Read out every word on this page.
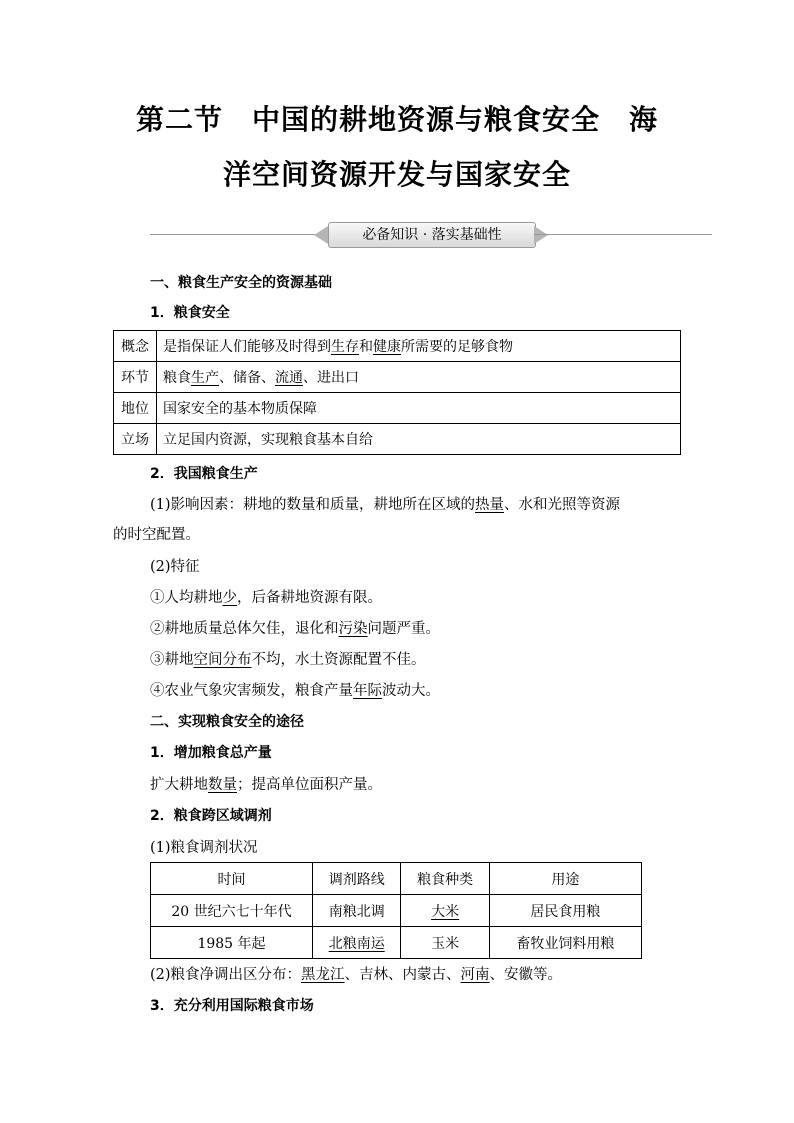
第二节　中国的耕地资源与粮食安全　海
洋空间资源开发与国家安全
必备知识 · 落实基础性
一、粮食生产安全的资源基础
1．粮食安全
概念	是指保证人们能够及时得到生存和健康所需要的足够食物
环节	粮食生产、储备、流通、进出口
地位	国家安全的基本物质保障
立场	立足国内资源，实现粮食基本自给
2．我国粮食生产
(1)影响因素：耕地的数量和质量，耕地所在区域的热量、水和光照等资源
的时空配置。
(2)特征
①人均耕地少，后备耕地资源有限。
②耕地质量总体欠佳，退化和污染问题严重。
③耕地空间分布不均，水土资源配置不佳。
④农业气象灾害频发，粮食产量年际波动大。
二、实现粮食安全的途径
1．增加粮食总产量
扩大耕地数量；提高单位面积产量。
2．粮食跨区域调剂
(1)粮食调剂状况
时间	调剂路线	粮食种类	用途
20 世纪六七十年代	南粮北调	大米	居民食用粮
1985 年起	北粮南运	玉米	畜牧业饲料用粮
(2)粮食净调出区分布：黑龙江、吉林、内蒙古、河南、安徽等。
3．充分利用国际粮食市场
